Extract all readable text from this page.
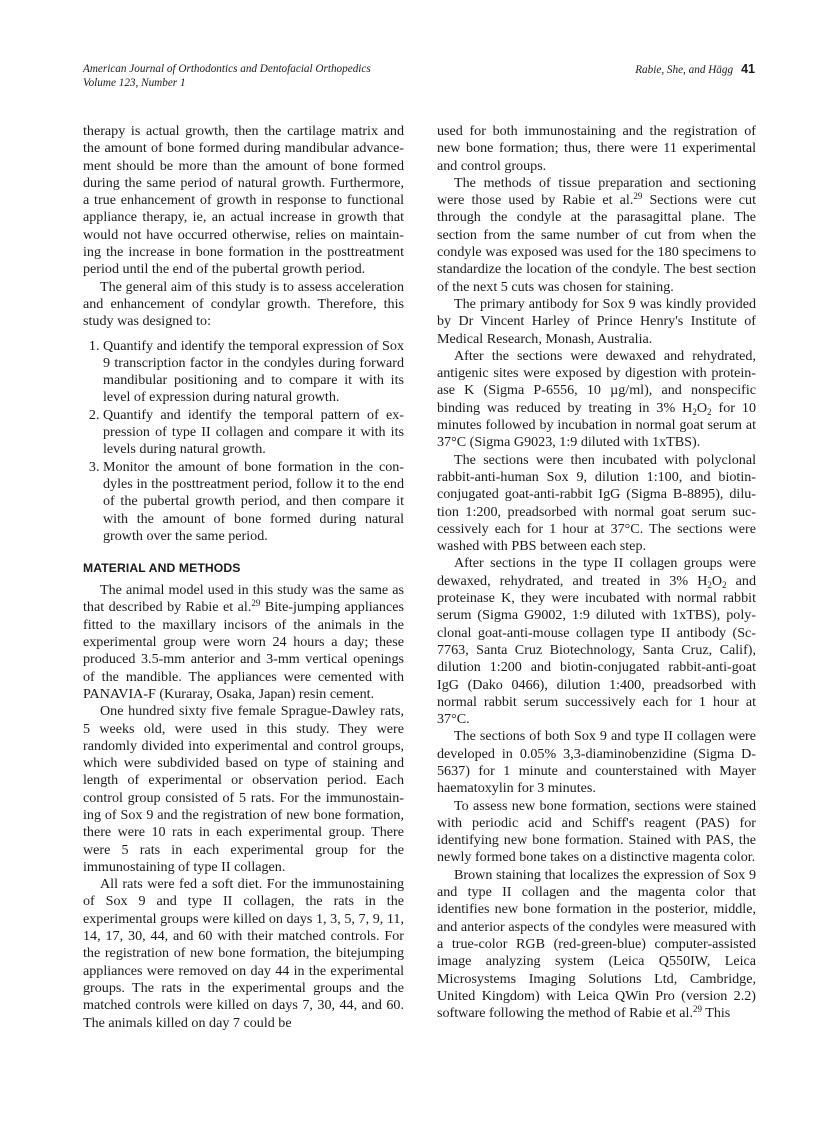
American Journal of Orthodontics and Dentofacial Orthopedics
Volume 123, Number 1
Rabie, She, and Hägg 41

therapy is actual growth, then the cartilage matrix and the amount of bone formed during mandibular advancement should be more than the amount of bone formed during the same period of natural growth. Furthermore, a true enhancement of growth in response to functional appliance therapy, ie, an actual increase in growth that would not have occurred otherwise, relies on maintaining the increase in bone formation in the posttreatment period until the end of the pubertal growth period.

The general aim of this study is to assess acceleration and enhancement of condylar growth. Therefore, this study was designed to:

1. Quantify and identify the temporal expression of Sox 9 transcription factor in the condyles during forward mandibular positioning and to compare it with its level of expression during natural growth.
2. Quantify and identify the temporal pattern of expression of type II collagen and compare it with its levels during natural growth.
3. Monitor the amount of bone formation in the condyles in the posttreatment period, follow it to the end of the pubertal growth period, and then compare it with the amount of bone formed during natural growth over the same period.
MATERIAL AND METHODS

The animal model used in this study was the same as that described by Rabie et al.$^{29}$ Bite-jumping appliances fitted to the maxillary incisors of the animals in the experimental group were worn 24 hours a day; these produced 3.5-mm anterior and 3-mm vertical openings of the mandible. The appliances were cemented with PANAVIA-F (Kuraray, Osaka, Japan) resin cement.

One hundred sixty five female Sprague-Dawley rats, 5 weeks old, were used in this study. They were randomly divided into experimental and control groups, which were subdivided based on type of staining and length of experimental or observation period. Each control group consisted of 5 rats. For the immunostaining of Sox 9 and the registration of new bone formation, there were 10 rats in each experimental group. There were 5 rats in each experimental group for the immunostaining of type II collagen.

All rats were fed a soft diet. For the immunostaining of Sox 9 and type II collagen, the rats in the experimental groups were killed on days 1, 3, 5, 7, 9, 11, 14, 17, 30, 44, and 60 with their matched controls. For the registration of new bone formation, the bitejumping appliances were removed on day 44 in the experimental groups. The rats in the experimental groups and the matched controls were killed on days 7, 30, 44, and 60. The animals killed on day 7 could be

used for both immunostaining and the registration of new bone formation; thus, there were 11 experimental and control groups.

The methods of tissue preparation and sectioning were those used by Rabie et al.$^{29}$ Sections were cut through the condyle at the parasagittal plane. The section from the same number of cut from when the condyle was exposed was used for the 180 specimens to standardize the location of the condyle. The best section of the next 5 cuts was chosen for staining.

The primary antibody for Sox 9 was kindly provided by Dr Vincent Harley of Prince Henry's Institute of Medical Research, Monash, Australia.

After the sections were dewaxed and rehydrated, antigenic sites were exposed by digestion with proteinase K (Sigma P-6556, 10 µg/ml), and nonspecific binding was reduced by treating in 3% $H_2O_2$ for 10 minutes followed by incubation in normal goat serum at 37°C (Sigma G9023, 1:9 diluted with 1xTBS).

The sections were then incubated with polyclonal rabbit-anti-human Sox 9, dilution 1:100, and biotin-conjugated goat-anti-rabbit IgG (Sigma B-8895), dilution 1:200, preadsorbed with normal goat serum successively each for 1 hour at 37°C. The sections were washed with PBS between each step.

After sections in the type II collagen groups were dewaxed, rehydrated, and treated in 3% $H_2O_2$ and proteinase K, they were incubated with normal rabbit serum (Sigma G9002, 1:9 diluted with 1xTBS), polyclonal goat-anti-mouse collagen type II antibody (Sc-7763, Santa Cruz Biotechnology, Santa Cruz, Calif), dilution 1:200 and biotin-conjugated rabbit-anti-goat IgG (Dako 0466), dilution 1:400, preadsorbed with normal rabbit serum successively each for 1 hour at 37°C.

The sections of both Sox 9 and type II collagen were developed in 0.05% 3,3-diaminobenzidine (Sigma D-5637) for 1 minute and counterstained with Mayer haematoxylin for 3 minutes.

To assess new bone formation, sections were stained with periodic acid and Schiff's reagent (PAS) for identifying new bone formation. Stained with PAS, the newly formed bone takes on a distinctive magenta color.

Brown staining that localizes the expression of Sox 9 and type II collagen and the magenta color that identifies new bone formation in the posterior, middle, and anterior aspects of the condyles were measured with a true-color RGB (red-green-blue) computer-assisted image analyzing system (Leica Q550IW, Leica Microsystems Imaging Solutions Ltd, Cambridge, United Kingdom) with Leica QWin Pro (version 2.2) software following the method of Rabie et al.$^{29}$ This
